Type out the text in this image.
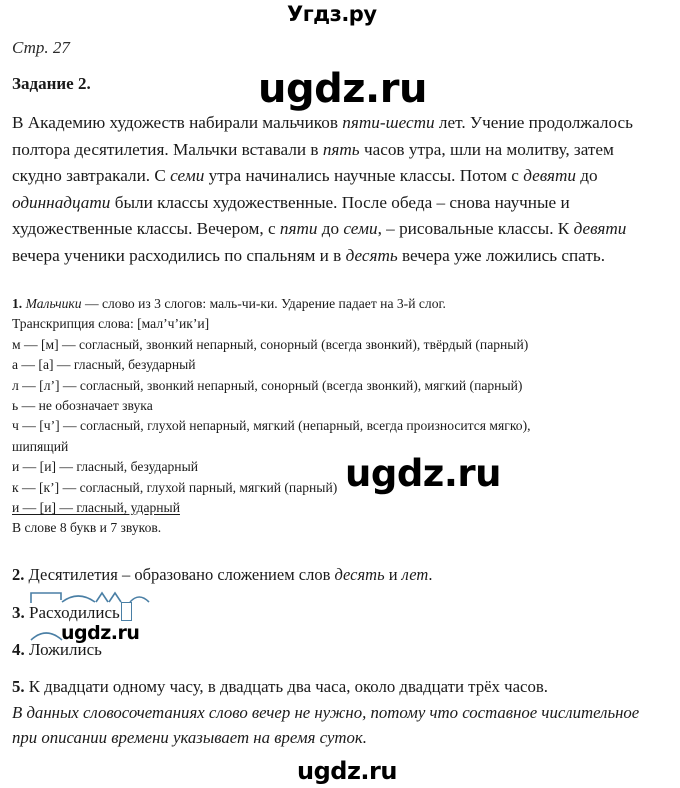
Угдз.ру
ugdz.ru
ugdz.ru
ugdz.ru
ugdz.ru
Стр. 27
Задание 2.
В Академию художеств набирали мальчиков пяти-шести лет. Учение продолжалось полтора десятилетия. Мальчки вставали в пять часов утра, шли на молитву, затем скудно завтракали. С семи утра начинались научные классы. Потом с девяти до одиннадцати были классы художественные. После обеда – снова научные и художественные классы. Вечером, с пяти до семи, – рисовальные классы. К девяти вечера ученики расходились по спальням и в десять вечера уже ложились спать.
1. Мальчики — слово из 3 слогов: маль-чи-ки. Ударение падает на 3-й слог.
Транскрипция слова: [мал’ч’ик’и]
м — [м] — согласный, звонкий непарный, сонорный (всегда звонкий), твёрдый (парный)
а — [а] — гласный, безударный
л — [л’] — согласный, звонкий непарный, сонорный (всегда звонкий), мягкий (парный)
ь — не обозначает звука
ч — [ч’] — согласный, глухой непарный, мягкий (непарный, всегда произносится мягко),
шипящий
и — [и] — гласный, безударный
к — [к’] — согласный, глухой парный, мягкий (парный)
и — [и] — гласный, ударный
В слове 8 букв и 7 звуков.
2. Десятилетия – образовано сложением слов десять и лет.
3. Расходились
4. Ложились
5. К двадцати одному часу, в двадцать два часа, около двадцати трёх часов.
В данных словосочетаниях слово вечер не нужно, потому что составное числительное при описании времени указывает на время суток.
